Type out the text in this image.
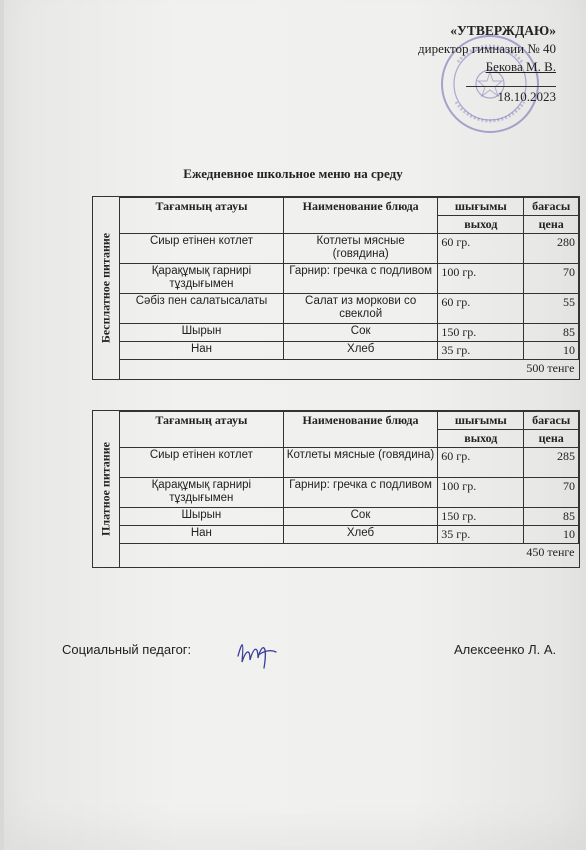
«УТВЕРЖДАЮ»
директор гимназии № 40
Бекова М. В.
18.10.2023
Ежедневное школьное меню на среду
Бесплатное питание
Тағамның атауы	Наименование блюда	шығымы	бағасы
		выход	цена
Сиыр етінен котлет	Котлеты мясные (говядина)	60 гр.	280
Қарақұмық гарнирі тұздығымен	Гарнир: гречка с подливом	100 гр.	70
Сәбіз пен салатысалаты	Салат из моркови со свеклой	60 гр.	55
Шырын	Сок	150 гр.	85
Нан	Хлеб	35 гр.	10
500 тенге			
Платное питание
Тағамның атауы	Наименование блюда	шығымы	бағасы
		выход	цена
Сиыр етінен котлет	Котлеты мясные (говядина)	60 гр.	285
Қарақұмық гарнирі тұздығымен	Гарнир: гречка с подливом	100 гр.	70
Шырын	Сок	150 гр.	85
Нан	Хлеб	35 гр.	10
450 тенге			
Социальный педагог:	Алексеенко Л. А.
